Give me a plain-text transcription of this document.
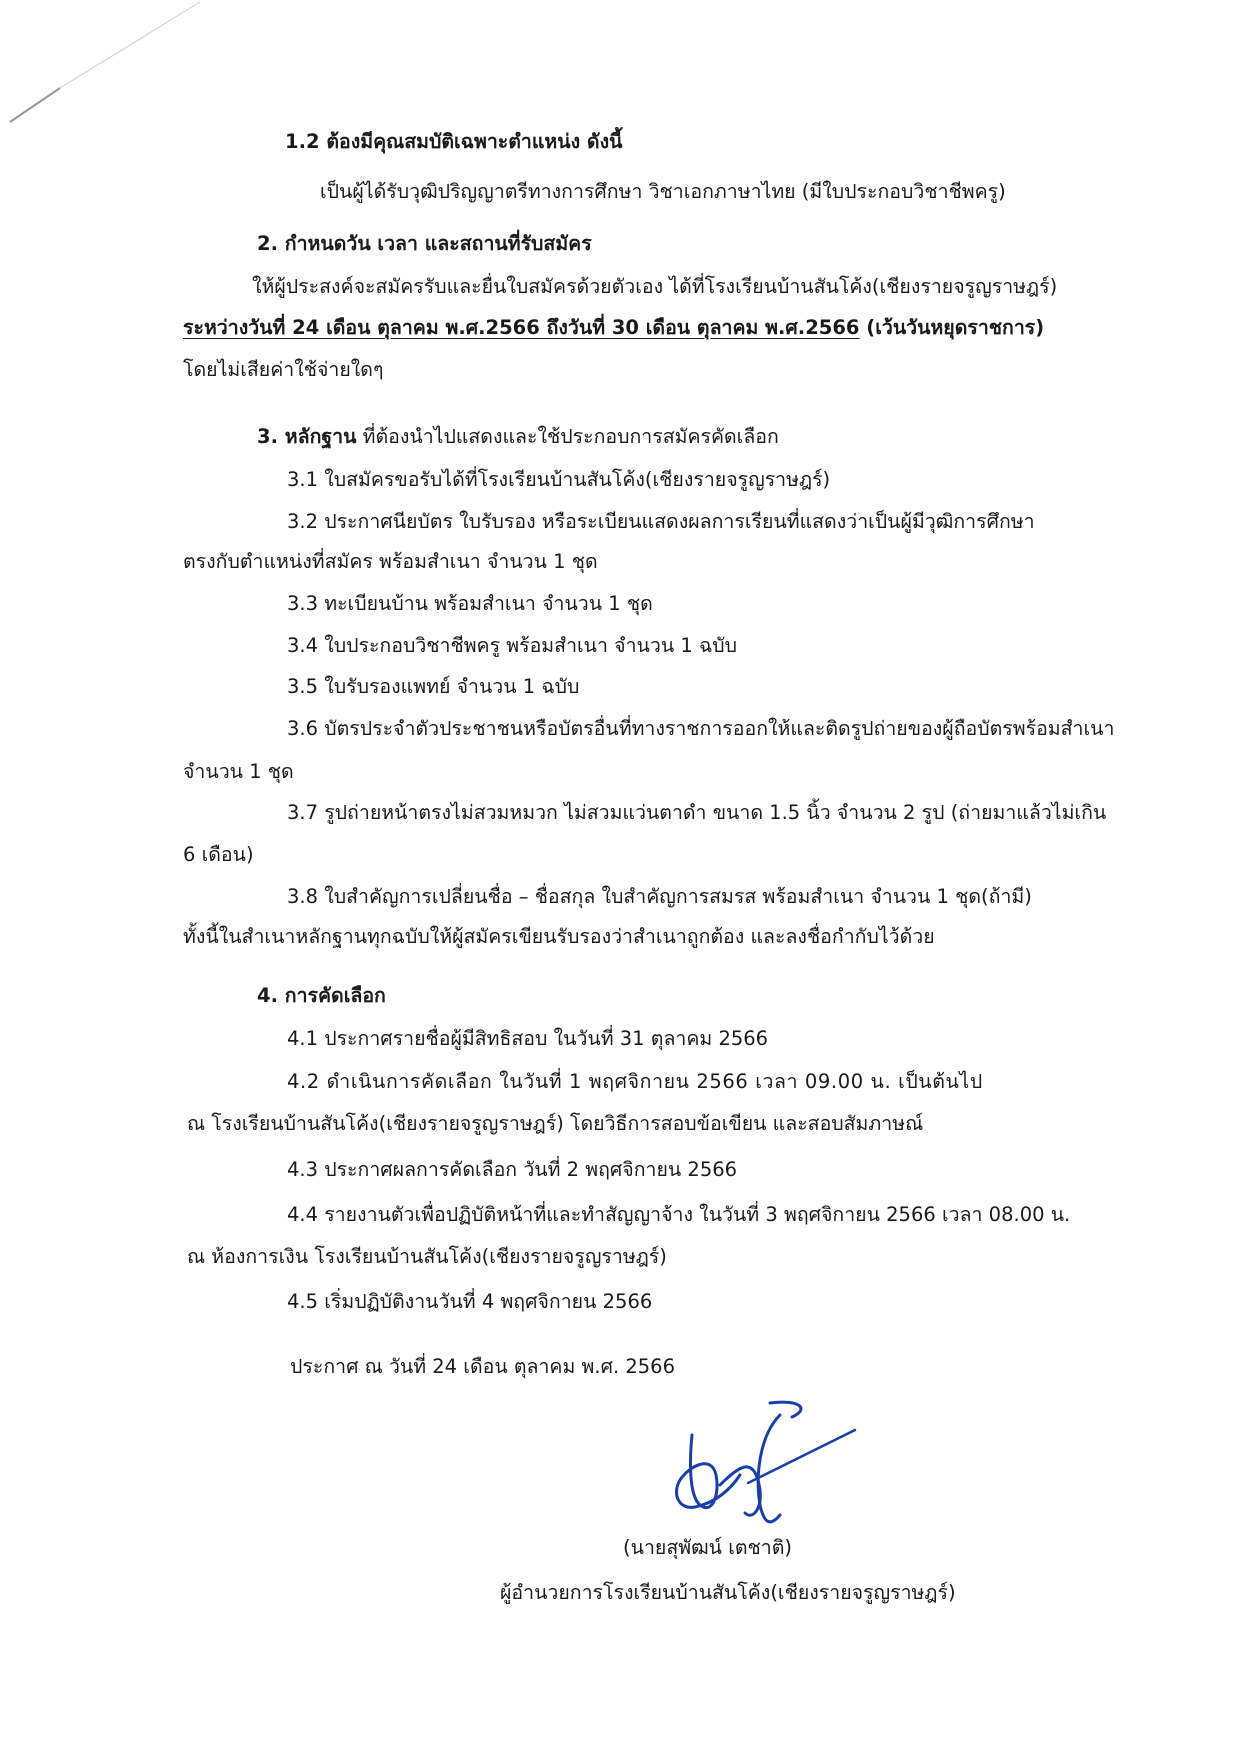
1.2 ต้องมีคุณสมบัติเฉพาะตำแหน่ง ดังนี้
เป็นผู้ได้รับวุฒิปริญญาตรีทางการศึกษา วิชาเอกภาษาไทย (มีใบประกอบวิชาชีพครู)
2. กำหนดวัน เวลา และสถานที่รับสมัคร
ให้ผู้ประสงค์จะสมัครรับและยื่นใบสมัครด้วยตัวเอง ได้ที่โรงเรียนบ้านสันโค้ง(เชียงรายจรูญราษฎร์)
ระหว่างวันที่ 24 เดือน ตุลาคม พ.ศ.2566 ถึงวันที่ 30 เดือน ตุลาคม พ.ศ.2566 (เว้นวันหยุดราชการ)
โดยไม่เสียค่าใช้จ่ายใดๆ
3. หลักฐาน ที่ต้องนำไปแสดงและใช้ประกอบการสมัครคัดเลือก
3.1 ใบสมัครขอรับได้ที่โรงเรียนบ้านสันโค้ง(เชียงรายจรูญราษฎร์)
3.2 ประกาศนียบัตร ใบรับรอง หรือระเบียนแสดงผลการเรียนที่แสดงว่าเป็นผู้มีวุฒิการศึกษา
ตรงกับตำแหน่งที่สมัคร พร้อมสำเนา จำนวน 1 ชุด
3.3 ทะเบียนบ้าน พร้อมสำเนา จำนวน 1 ชุด
3.4 ใบประกอบวิชาชีพครู พร้อมสำเนา จำนวน 1 ฉบับ
3.5 ใบรับรองแพทย์ จำนวน 1 ฉบับ
3.6 บัตรประจำตัวประชาชนหรือบัตรอื่นที่ทางราชการออกให้และติดรูปถ่ายของผู้ถือบัตรพร้อมสำเนา
จำนวน 1 ชุด
3.7 รูปถ่ายหน้าตรงไม่สวมหมวก ไม่สวมแว่นตาดำ ขนาด 1.5 นิ้ว จำนวน 2 รูป (ถ่ายมาแล้วไม่เกิน
6 เดือน)
3.8 ใบสำคัญการเปลี่ยนชื่อ – ชื่อสกุล ใบสำคัญการสมรส พร้อมสำเนา จำนวน 1 ชุด(ถ้ามี)
ทั้งนี้ในสำเนาหลักฐานทุกฉบับให้ผู้สมัครเขียนรับรองว่าสำเนาถูกต้อง และลงชื่อกำกับไว้ด้วย
4. การคัดเลือก
4.1 ประกาศรายชื่อผู้มีสิทธิสอบ ในวันที่ 31 ตุลาคม 2566
4.2 ดำเนินการคัดเลือก ในวันที่ 1 พฤศจิกายน 2566 เวลา 09.00 น. เป็นต้นไป
ณ โรงเรียนบ้านสันโค้ง(เชียงรายจรูญราษฎร์) โดยวิธีการสอบข้อเขียน และสอบสัมภาษณ์
4.3 ประกาศผลการคัดเลือก วันที่ 2 พฤศจิกายน 2566
4.4 รายงานตัวเพื่อปฏิบัติหน้าที่และทำสัญญาจ้าง ในวันที่ 3 พฤศจิกายน 2566 เวลา 08.00 น.
ณ ห้องการเงิน โรงเรียนบ้านสันโค้ง(เชียงรายจรูญราษฎร์)
4.5 เริ่มปฏิบัติงานวันที่ 4 พฤศจิกายน 2566
ประกาศ ณ วันที่ 24 เดือน ตุลาคม พ.ศ. 2566
(นายสุพัฒน์ เตชาติ)
ผู้อำนวยการโรงเรียนบ้านสันโค้ง(เชียงรายจรูญราษฎร์)
